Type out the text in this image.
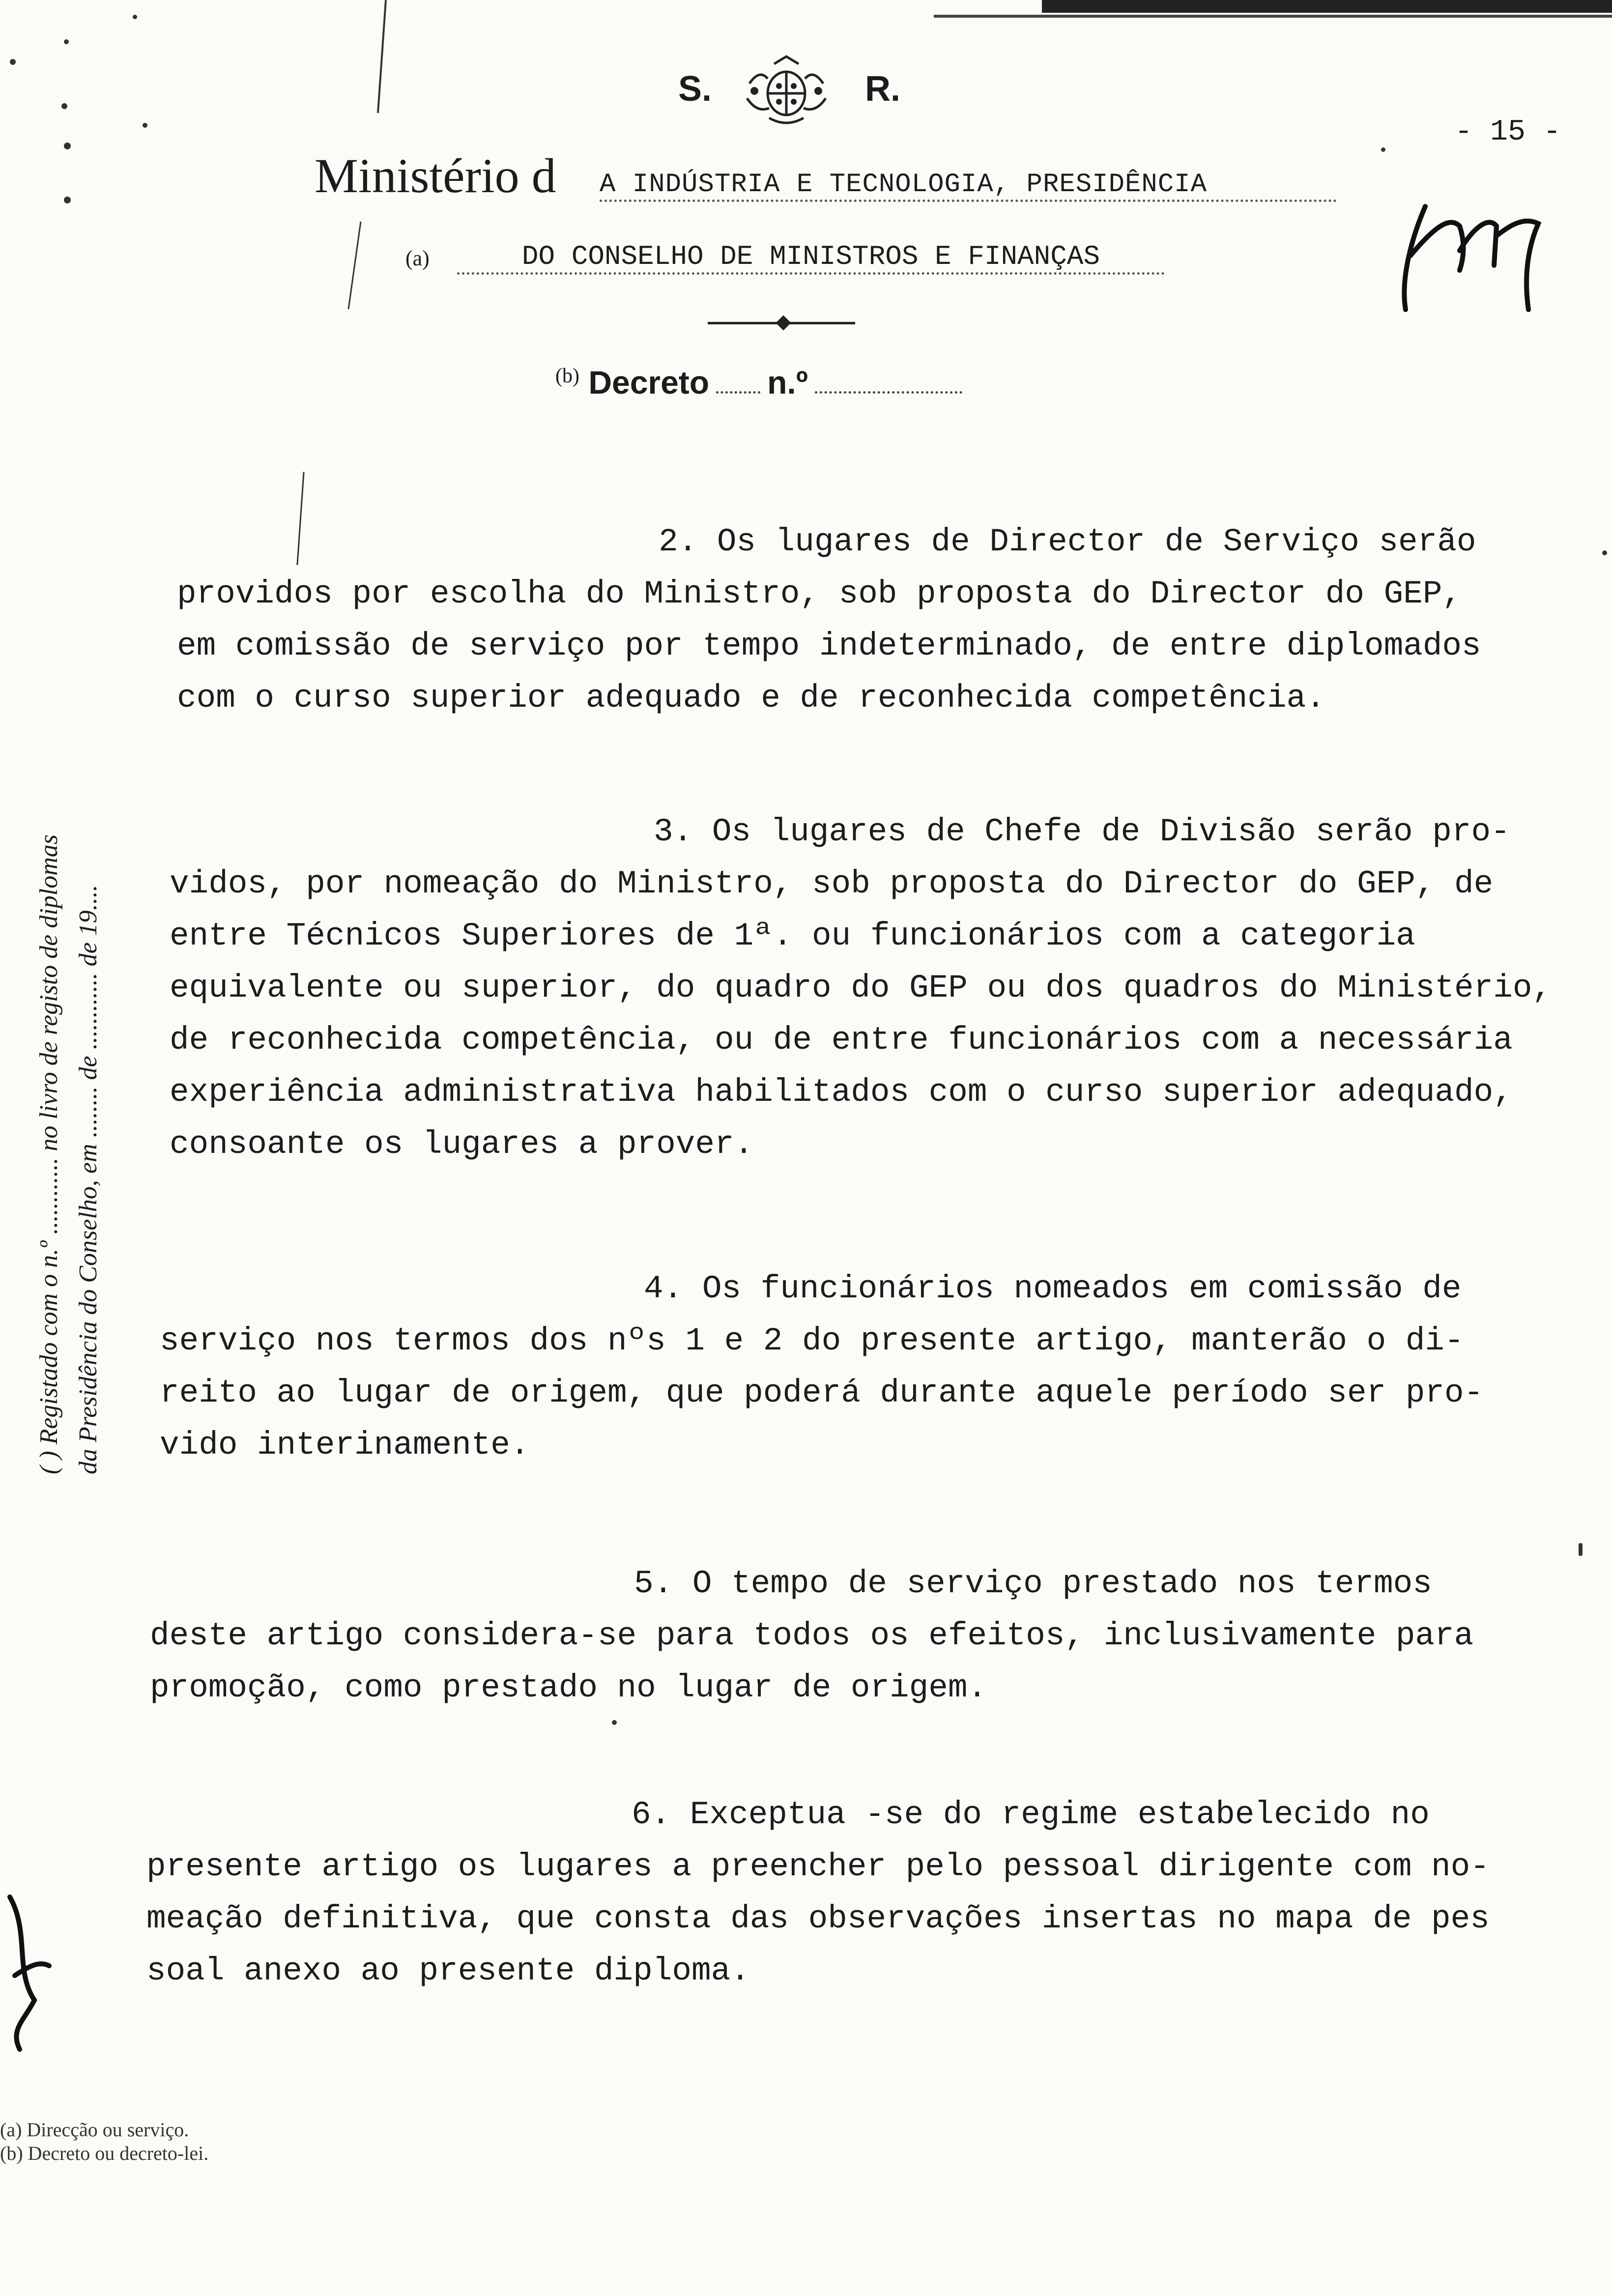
S.	R.
- 15 -
Ministério d A INDÚSTRIA E TECNOLOGIA, PRESIDÊNCIA
(a)	DO CONSELHO DE MINISTROS E FINANÇAS
$^{(b)}$ Decreto n.º
2. Os lugares de Director de Serviço serão
providos por escolha do Ministro, sob proposta do Director do GEP,
em comissão de serviço por tempo indeterminado, de entre diplomados
com o curso superior adequado e de reconhecida competência.
3. Os lugares de Chefe de Divisão serão pro-
vidos, por nomeação do Ministro, sob proposta do Director do GEP, de
entre Técnicos Superiores de 1ª. ou funcionários com a categoria
equivalente ou superior, do quadro do GEP ou dos quadros do Ministério,
de reconhecida competência, ou de entre funcionários com a necessária
experiência administrativa habilitados com o curso superior adequado,
consoante os lugares a prover.
4. Os funcionários nomeados em comissão de
serviço nos termos dos nºs 1 e 2 do presente artigo, manterão o di-
reito ao lugar de origem, que poderá durante aquele período ser pro-
vido interinamente.
5. O tempo de serviço prestado nos termos
deste artigo considera-se para todos os efeitos, inclusivamente para
promoção, como prestado no lugar de origem.
6. Exceptua -se do regime estabelecido no
presente artigo os lugares a preencher pelo pessoal dirigente com no-
meação definitiva, que consta das observações insertas no mapa de pes
soal anexo ao presente diploma.
( ) Registado com o n.º ............ no livro de registo de diplomas da Presidência do Conselho, em ........ de ............ de 19....
(a) Direcção ou serviço.
(b) Decreto ou decreto-lei.
